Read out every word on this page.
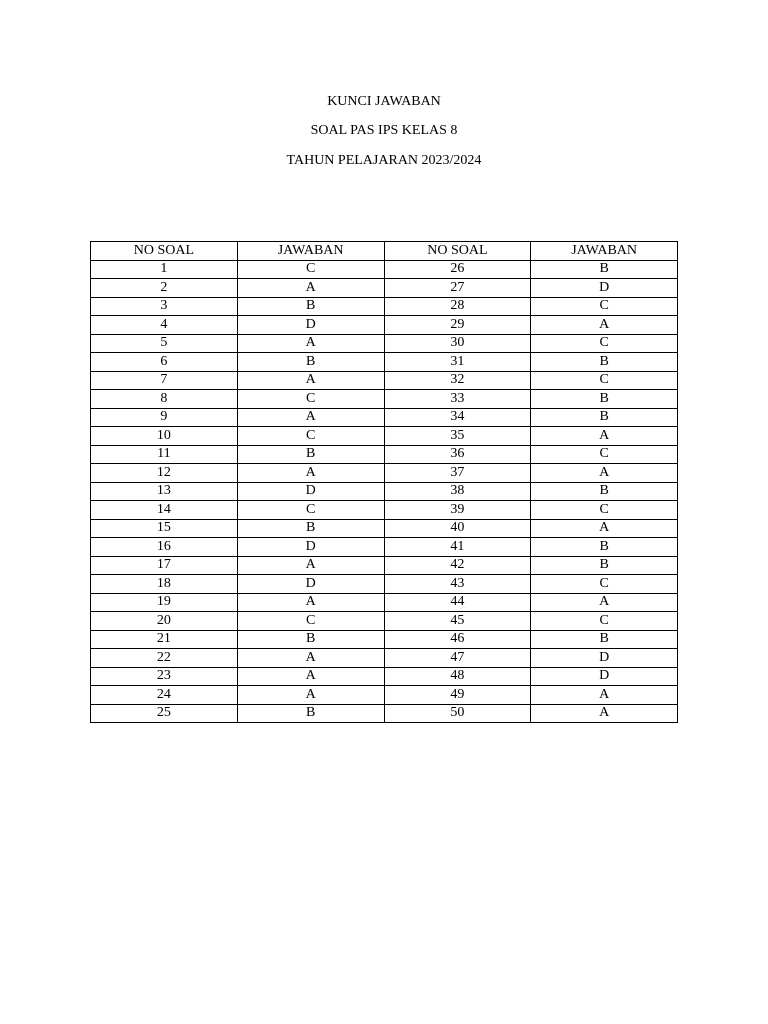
KUNCI JAWABAN
SOAL PAS IPS KELAS 8
TAHUN PELAJARAN 2023/2024
NO SOAL	JAWABAN	NO SOAL	JAWABAN
1	C	26	B
2	A	27	D
3	B	28	C
4	D	29	A
5	A	30	C
6	B	31	B
7	A	32	C
8	C	33	B
9	A	34	B
10	C	35	A
11	B	36	C
12	A	37	A
13	D	38	B
14	C	39	C
15	B	40	A
16	D	41	B
17	A	42	B
18	D	43	C
19	A	44	A
20	C	45	C
21	B	46	B
22	A	47	D
23	A	48	D
24	A	49	A
25	B	50	A
